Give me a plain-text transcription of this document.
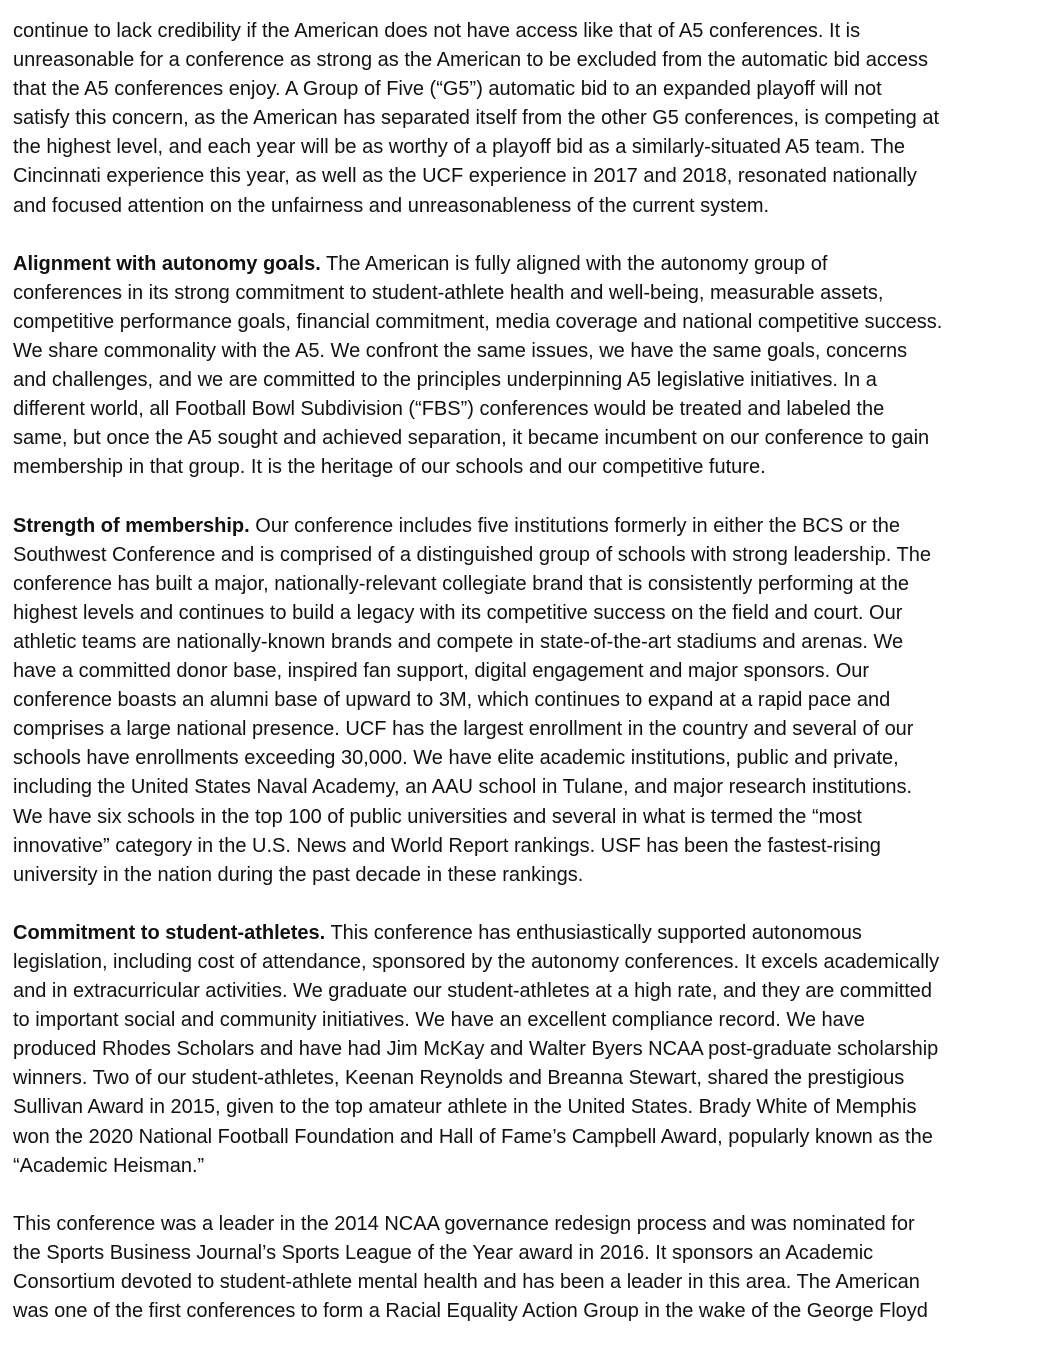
continue to lack credibility if the American does not have access like that of A5 conferences. It is
unreasonable for a conference as strong as the American to be excluded from the automatic bid access
that the A5 conferences enjoy. A Group of Five (“G5”) automatic bid to an expanded playoff will not
satisfy this concern, as the American has separated itself from the other G5 conferences, is competing at
the highest level, and each year will be as worthy of a playoff bid as a similarly-situated A5 team. The
Cincinnati experience this year, as well as the UCF experience in 2017 and 2018, resonated nationally
and focused attention on the unfairness and unreasonableness of the current system.

Alignment with autonomy goals. The American is fully aligned with the autonomy group of
conferences in its strong commitment to student-athlete health and well-being, measurable assets,
competitive performance goals, financial commitment, media coverage and national competitive success.
We share commonality with the A5. We confront the same issues, we have the same goals, concerns
and challenges, and we are committed to the principles underpinning A5 legislative initiatives. In a
different world, all Football Bowl Subdivision (“FBS”) conferences would be treated and labeled the
same, but once the A5 sought and achieved separation, it became incumbent on our conference to gain
membership in that group. It is the heritage of our schools and our competitive future.

Strength of membership. Our conference includes five institutions formerly in either the BCS or the
Southwest Conference and is comprised of a distinguished group of schools with strong leadership. The
conference has built a major, nationally-relevant collegiate brand that is consistently performing at the
highest levels and continues to build a legacy with its competitive success on the field and court. Our
athletic teams are nationally-known brands and compete in state-of-the-art stadiums and arenas. We
have a committed donor base, inspired fan support, digital engagement and major sponsors. Our
conference boasts an alumni base of upward to 3M, which continues to expand at a rapid pace and
comprises a large national presence. UCF has the largest enrollment in the country and several of our
schools have enrollments exceeding 30,000. We have elite academic institutions, public and private,
including the United States Naval Academy, an AAU school in Tulane, and major research institutions.
We have six schools in the top 100 of public universities and several in what is termed the “most
innovative” category in the U.S. News and World Report rankings. USF has been the fastest-rising
university in the nation during the past decade in these rankings.

Commitment to student-athletes. This conference has enthusiastically supported autonomous
legislation, including cost of attendance, sponsored by the autonomy conferences. It excels academically
and in extracurricular activities. We graduate our student-athletes at a high rate, and they are committed
to important social and community initiatives. We have an excellent compliance record. We have
produced Rhodes Scholars and have had Jim McKay and Walter Byers NCAA post-graduate scholarship
winners. Two of our student-athletes, Keenan Reynolds and Breanna Stewart, shared the prestigious
Sullivan Award in 2015, given to the top amateur athlete in the United States. Brady White of Memphis
won the 2020 National Football Foundation and Hall of Fame’s Campbell Award, popularly known as the
“Academic Heisman.”

This conference was a leader in the 2014 NCAA governance redesign process and was nominated for
the Sports Business Journal’s Sports League of the Year award in 2016. It sponsors an Academic
Consortium devoted to student-athlete mental health and has been a leader in this area. The American
was one of the first conferences to form a Racial Equality Action Group in the wake of the George Floyd
